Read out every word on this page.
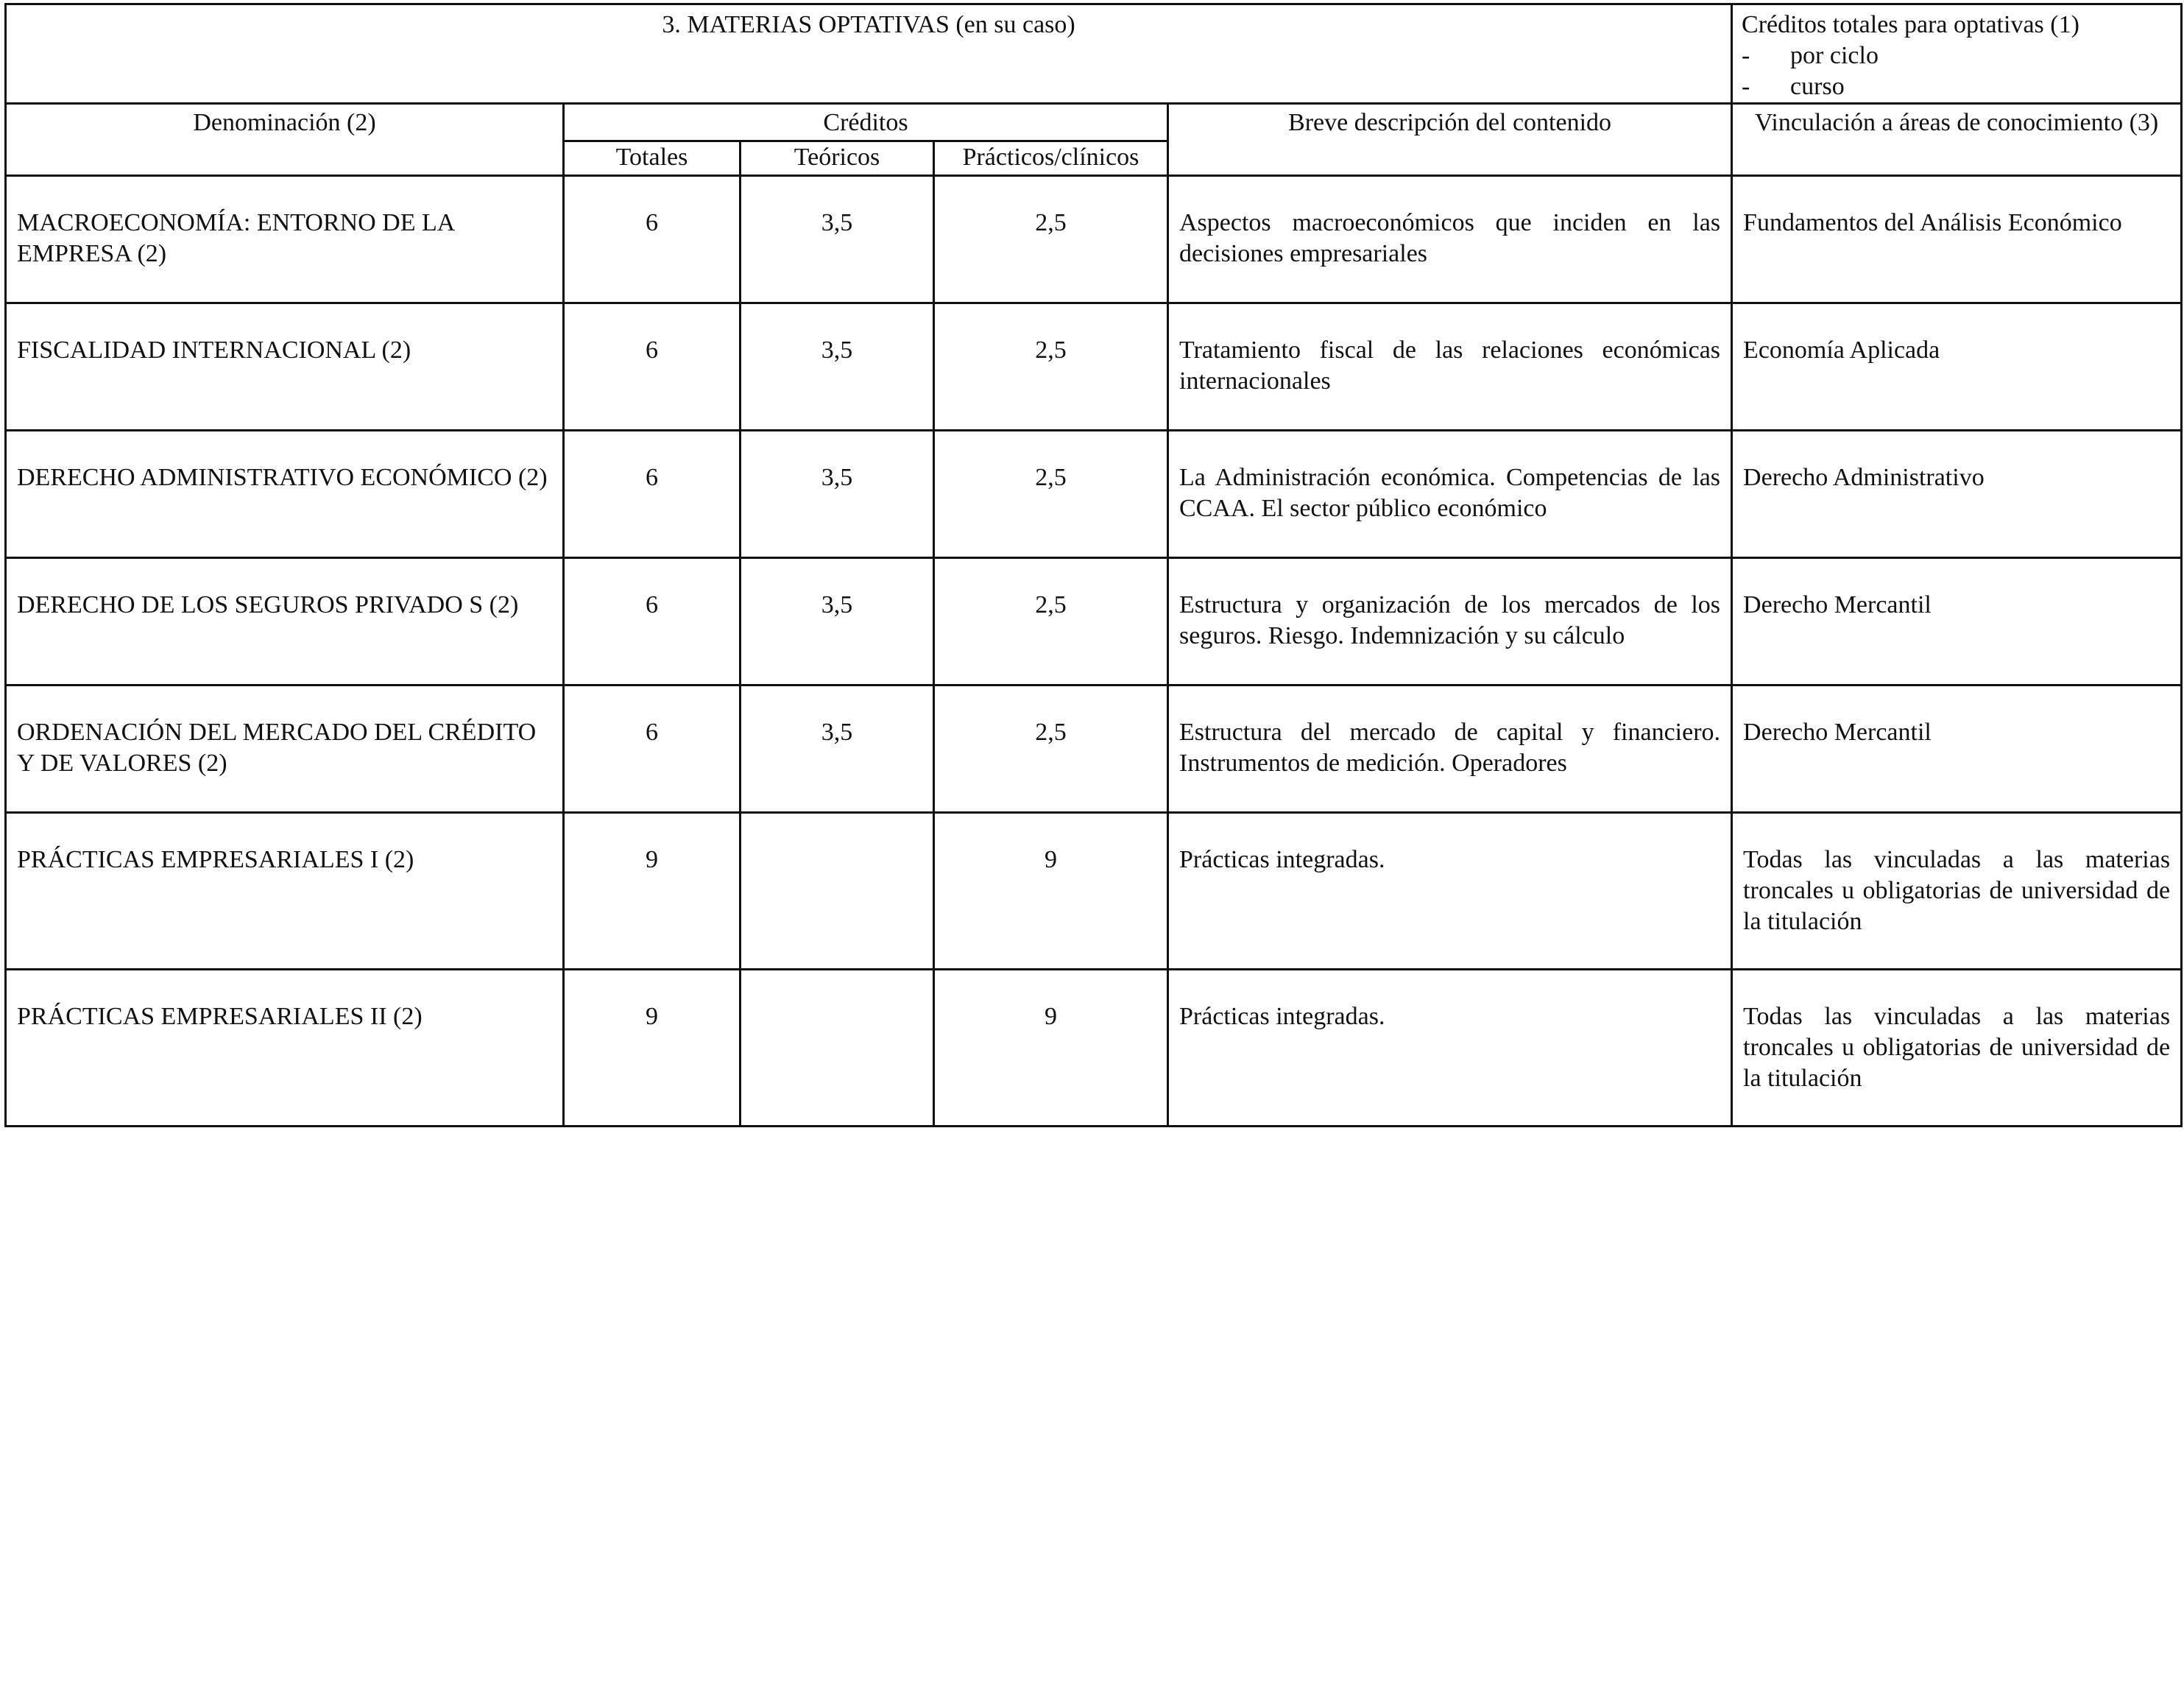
3. MATERIAS OPTATIVAS (en su caso)					Créditos totales para optativas (1)
- por ciclo
- curso

Denominación (2)	Créditos			Breve descripción del contenido	Vinculación a áreas de conocimiento (3)
	Totales	Teóricos	Prácticos/clínicos		
MACROECONOMÍA: ENTORNO DE LA EMPRESA (2)	6	3,5	2,5	Aspectos macroeconómicos que inciden en las decisiones empresariales	Fundamentos del Análisis Económico
FISCALIDAD INTERNACIONAL (2)	6	3,5	2,5	Tratamiento fiscal de las relaciones económicas internacionales	Economía Aplicada
DERECHO ADMINISTRATIVO ECONÓMICO (2)	6	3,5	2,5	La Administración económica. Competencias de las CCAA. El sector público económico	Derecho Administrativo
DERECHO DE LOS SEGUROS PRIVADO S (2)	6	3,5	2,5	Estructura y organización de los mercados de los seguros. Riesgo. Indemnización y su cálculo	Derecho Mercantil
ORDENACIÓN DEL MERCADO DEL CRÉDITO Y DE VALORES (2)	6	3,5	2,5	Estructura del mercado de capital y financiero. Instrumentos de medición. Operadores	Derecho Mercantil
PRÁCTICAS EMPRESARIALES I (2)	9		9	Prácticas integradas.	Todas las vinculadas a las materias troncales u obligatorias de universidad de la titulación
PRÁCTICAS EMPRESARIALES II (2)	9		9	Prácticas integradas.	Todas las vinculadas a las materias troncales u obligatorias de universidad de la titulación
